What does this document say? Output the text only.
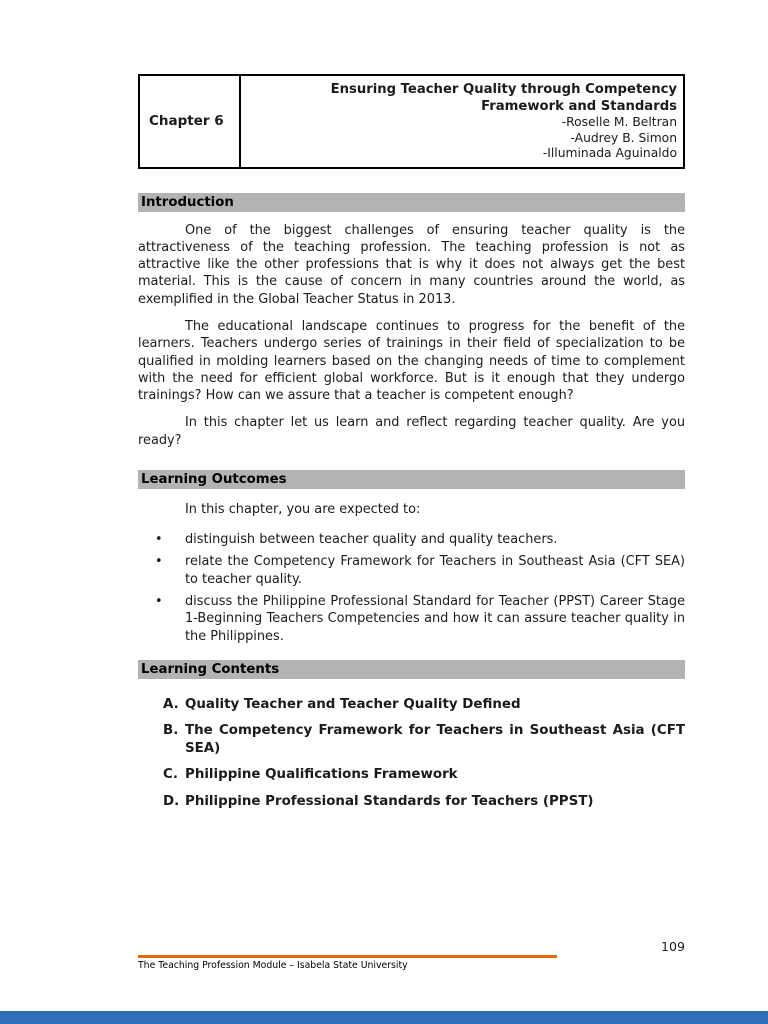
Chapter 6	
Ensuring Teacher Quality through Competency Framework and Standards
-Roselle M. Beltran
-Audrey B. Simon
-Illuminada Aguinaldo
Introduction
One of the biggest challenges of ensuring teacher quality is the attractiveness of the teaching profession. The teaching profession is not as attractive like the other professions that is why it does not always get the best material. This is the cause of concern in many countries around the world, as exemplified in the Global Teacher Status in 2013.
The educational landscape continues to progress for the benefit of the learners. Teachers undergo series of trainings in their field of specialization to be qualified in molding learners based on the changing needs of time to complement with the need for efficient global workforce. But is it enough that they undergo trainings? How can we assure that a teacher is competent enough?
In this chapter let us learn and reflect regarding teacher quality. Are you ready?
Learning Outcomes
In this chapter, you are expected to:
•	distinguish between teacher quality and quality teachers.
•	relate the Competency Framework for Teachers in Southeast Asia (CFT SEA) to teacher quality.
•	discuss the Philippine Professional Standard for Teacher (PPST) Career Stage 1-Beginning Teachers Competencies and how it can assure teacher quality in the Philippines.
Learning Contents
A. Quality Teacher and Teacher Quality Defined
B. The Competency Framework for Teachers in Southeast Asia (CFT SEA)
C. Philippine Qualifications Framework
D. Philippine Professional Standards for Teachers (PPST)
109
The Teaching Profession Module – Isabela State University
